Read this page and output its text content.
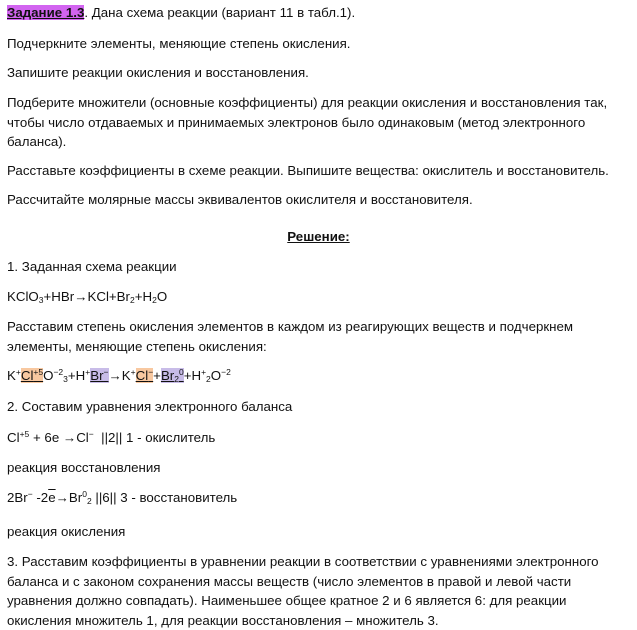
Задание 1.3. Дана схема реакции (вариант 11 в табл.1).
Подчеркните элементы, меняющие степень окисления.
Запишите реакции окисления и восстановления.
Подберите множители (основные коэффициенты) для реакции окисления и восстановления так, чтобы число отдаваемых и принимаемых электронов было одинаковым (метод электронного баланса).
Расставьте коэффициенты в схеме реакции. Выпишите вещества: окислитель и восстановитель.
Рассчитайте молярные массы эквивалентов окислителя и восстановителя.
Решение:
1. Заданная схема реакции
$KClO_3+HBr\to KCl+Br_2+H_2O$
Расставим степень окисления элементов в каждом из реагирующих веществ и подчеркнем элементы, меняющие степень окисления:
$K^+Cl^{+5}O^{-2}_3+H^+Br^-\to K^+Cl^-+Br_2^0+H^+_2O^{-2}$
2. Составим уравнения электронного баланса
$Cl^{+5} + 6e \to Cl^-$  ||2|| 1 - окислитель
реакция восстановления
2Br− $-2\overline{e}\to Br^0_2$ ||6|| 3 - восстановитель
реакция окисления
3. Расставим коэффициенты в уравнении реакции в соответствии с уравнениями электронного баланса и с законом сохранения массы веществ (число элементов в правой и левой части уравнения должно совпадать). Наименьшее общее кратное 2 и 6 является 6: для реакции окисления множитель 1, для реакции восстановления – множитель 3.
